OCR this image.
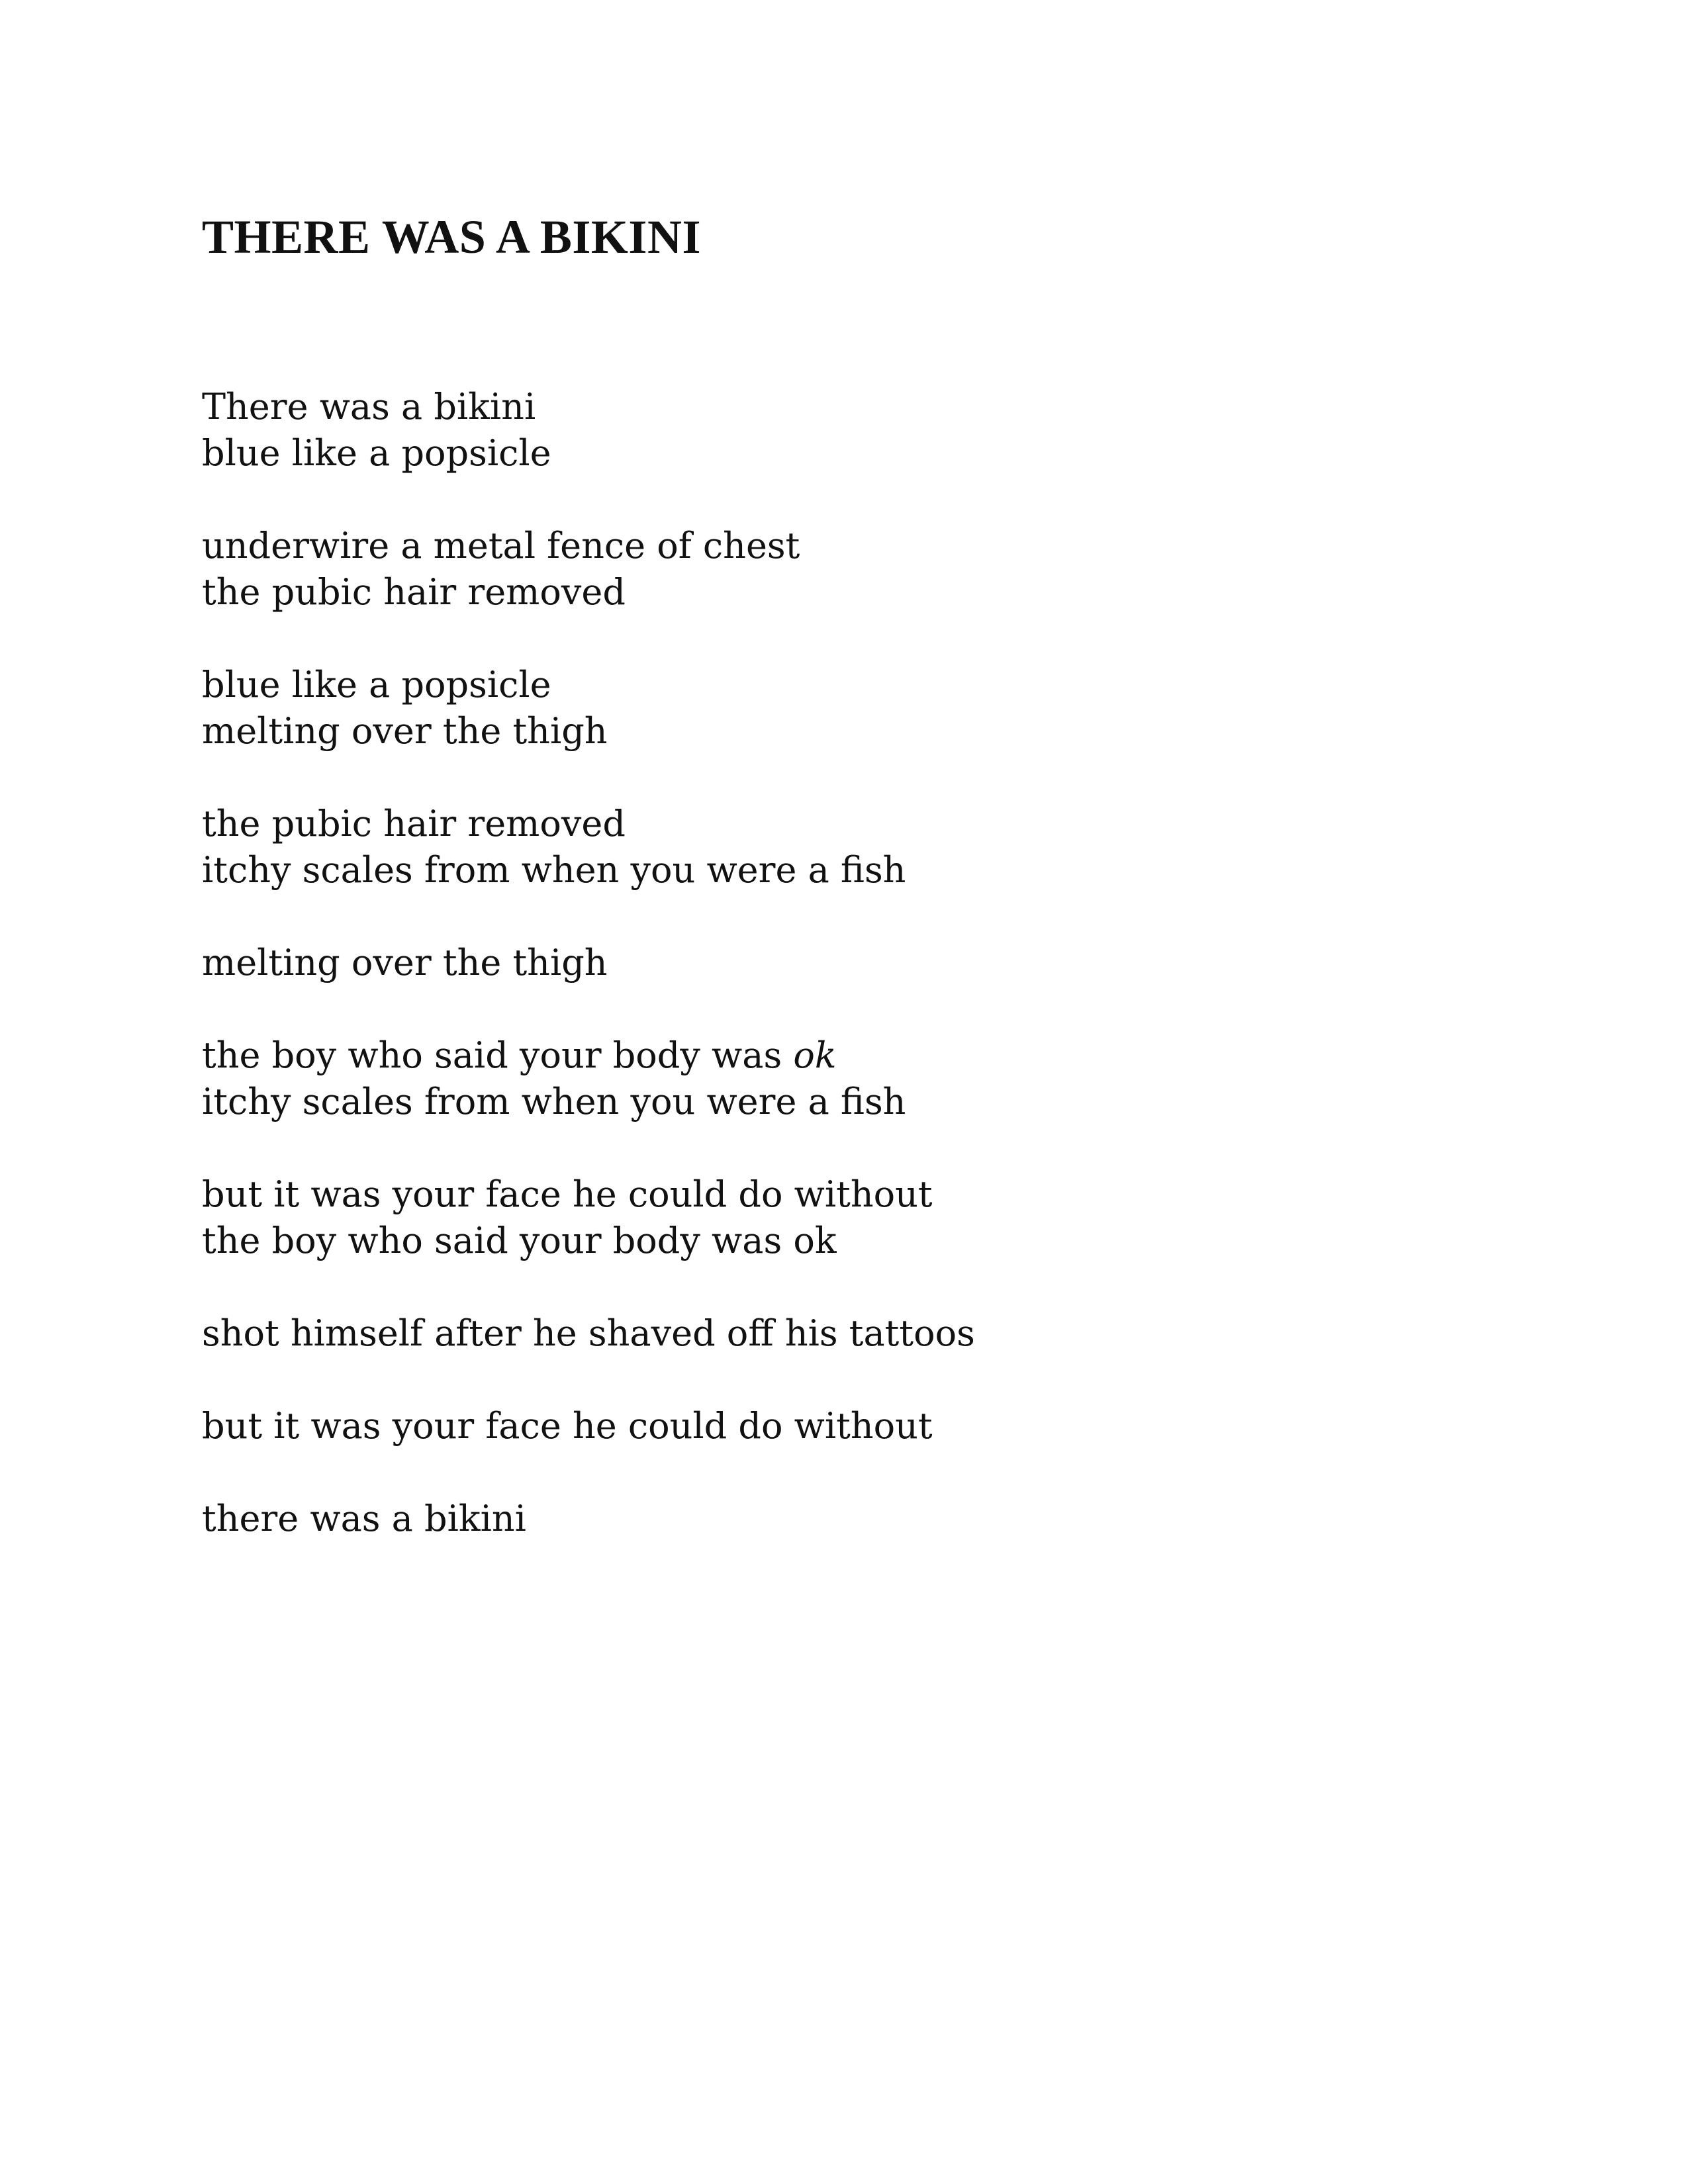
THERE WAS A BIKINI
There was a bikini
blue like a popsicle
underwire a metal fence of chest
the pubic hair removed
blue like a popsicle
melting over the thigh
the pubic hair removed
itchy scales from when you were a fish
melting over the thigh
the boy who said your body was ok
itchy scales from when you were a fish
but it was your face he could do without
the boy who said your body was ok
shot himself after he shaved off his tattoos
but it was your face he could do without
there was a bikini
